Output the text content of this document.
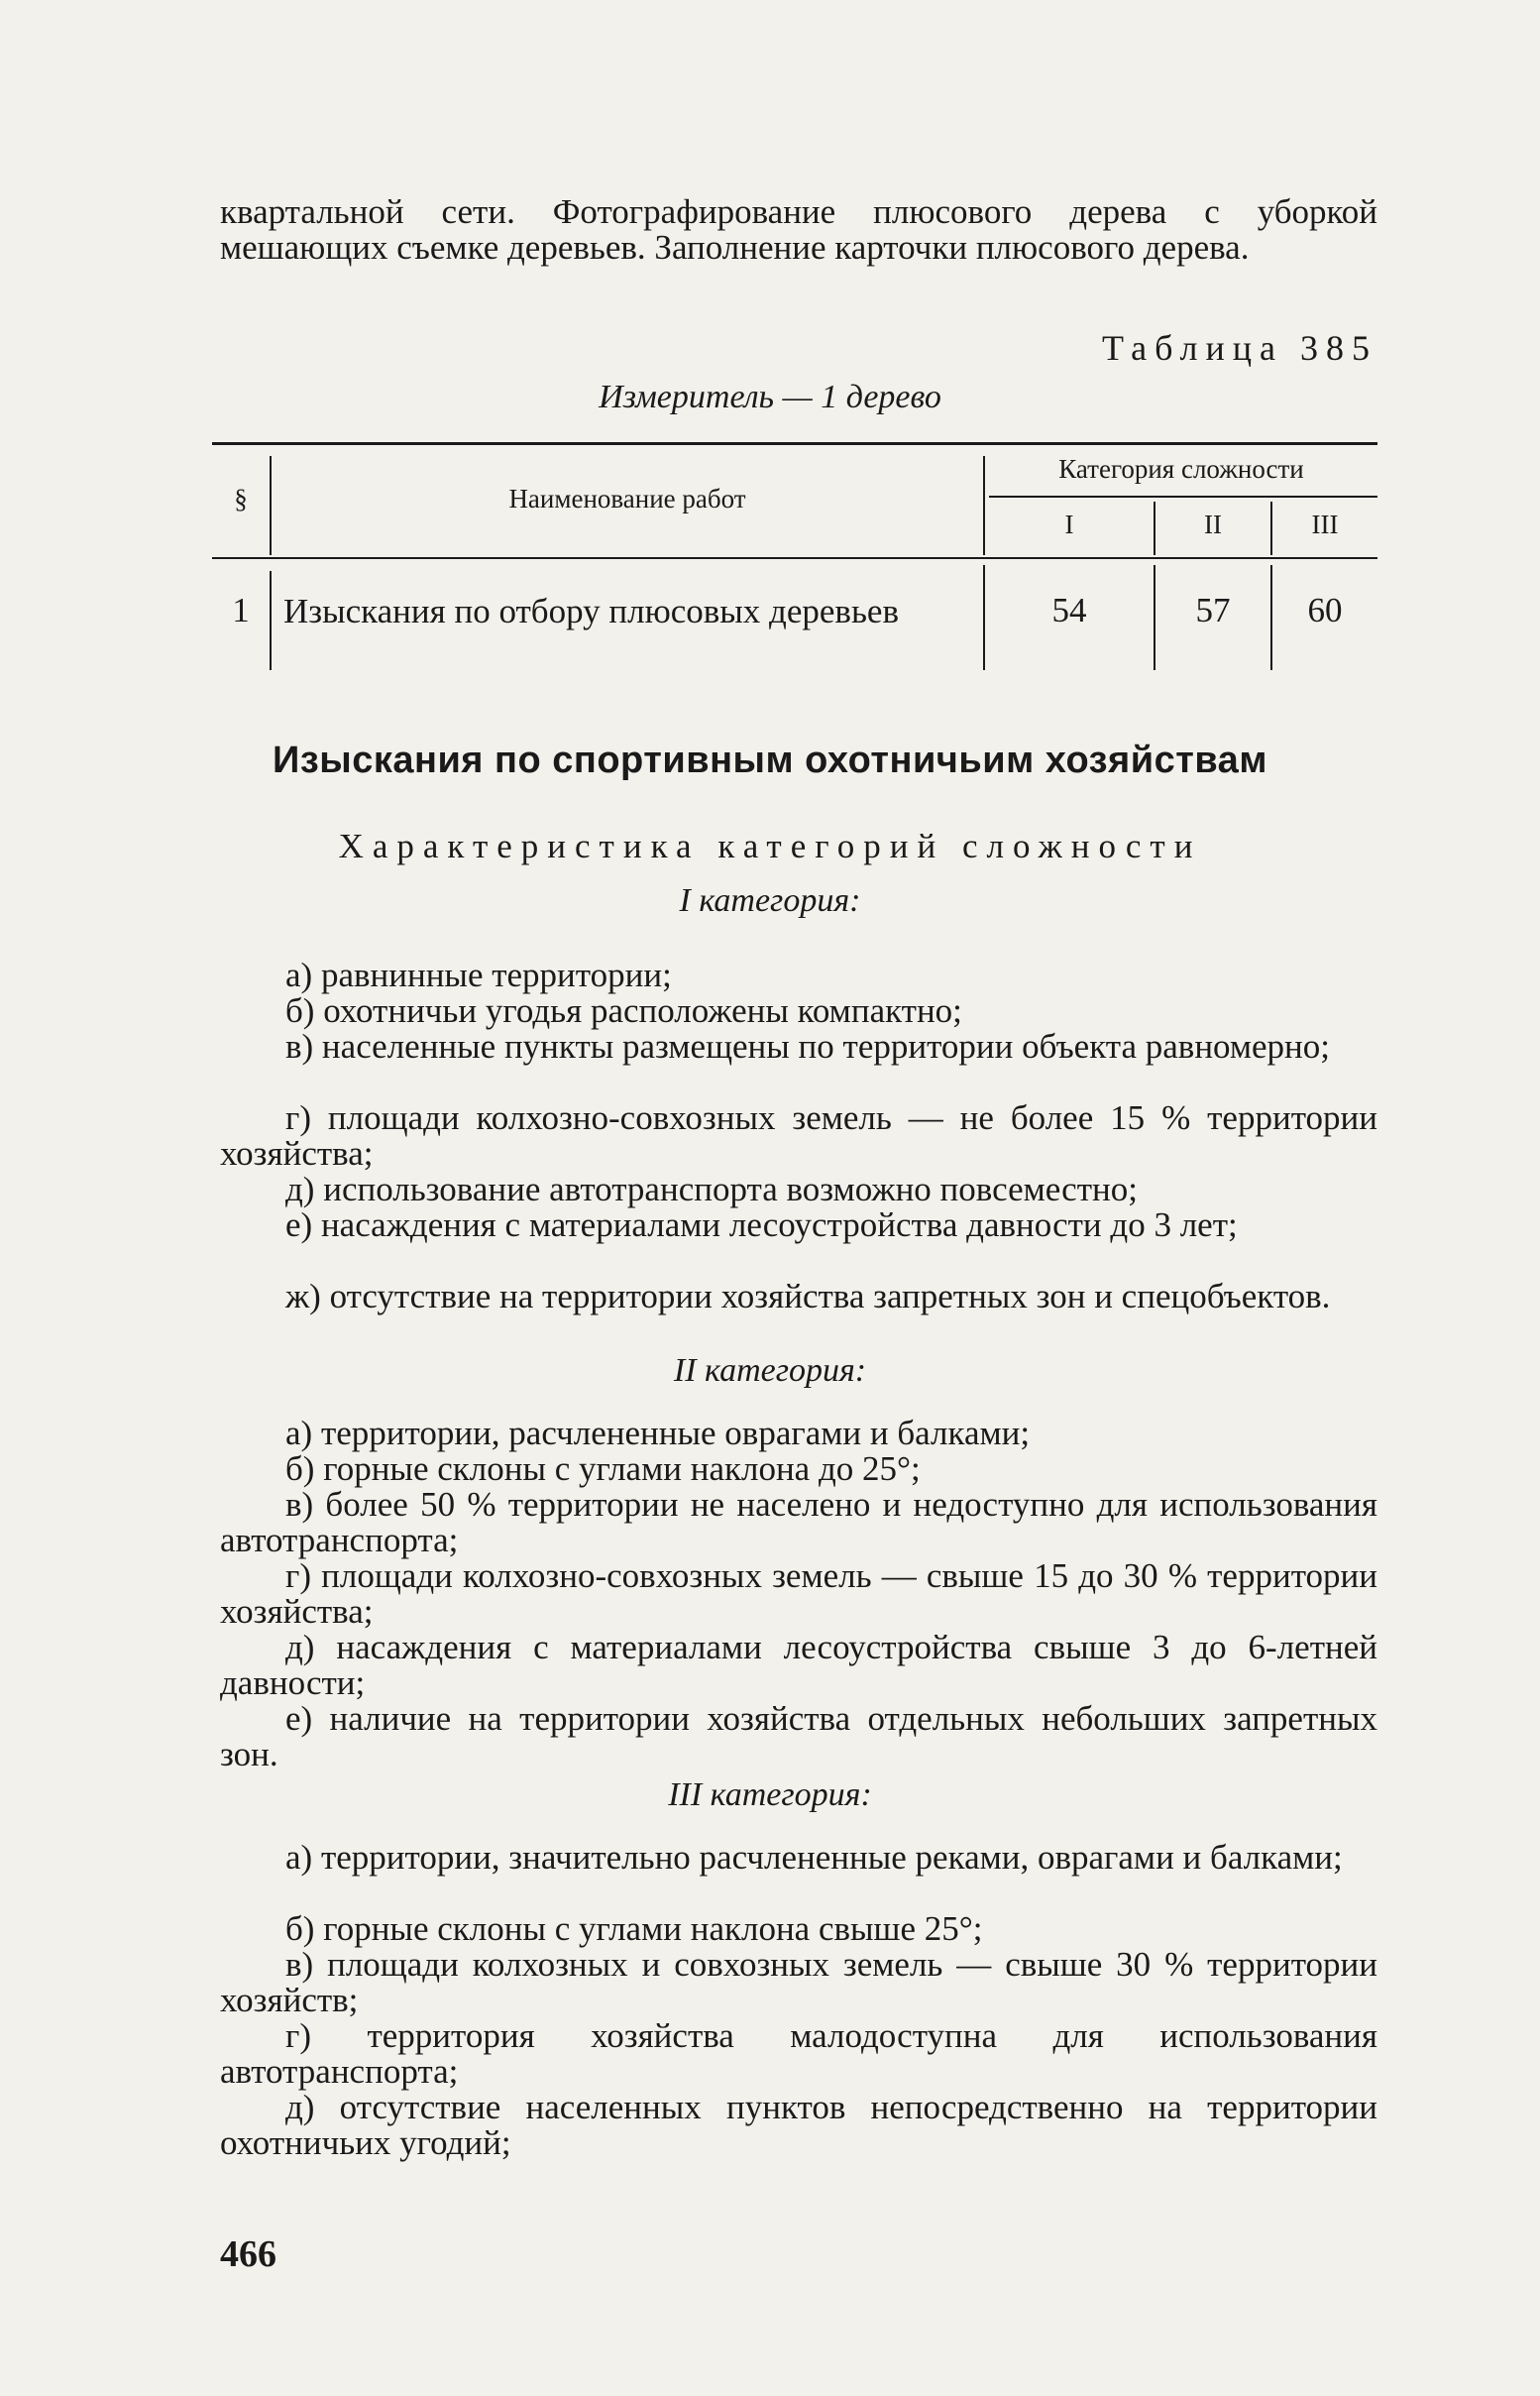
квартальной сети. Фотографирование плюсового дерева с уборкой мешающих съемке деревьев. Заполнение карточки плюсового дерева.
Таблица 385
Измеритель — 1 дерево
§	Наименование работ
Категория сложности
I	II	III
1 Изыскания по отбору плюсовых деревьев	54	57	60
Изыскания по спортивным охотничьим хозяйствам
Характеристика категорий сложности
I категория:
а) равнинные территории;
б) охотничьи угодья расположены компактно;
в) населенные пункты размещены по территории объекта равномерно;
г) площади колхозно-совхозных земель — не более 15 % территории хозяйства;
д) использование автотранспорта возможно повсеместно;
е) насаждения с материалами лесоустройства давности до 3 лет;
ж) отсутствие на территории хозяйства запретных зон и спецобъектов.
II категория:
а) территории, расчлененные оврагами и балками;
б) горные склоны с углами наклона до 25°;
в) более 50 % территории не населено и недоступно для использования автотранспорта;
г) площади колхозно-совхозных земель — свыше 15 до 30 % территории хозяйства;
д) насаждения с материалами лесоустройства свыше 3 до 6-летней давности;
е) наличие на территории хозяйства отдельных небольших запретных зон.
III категория:
а) территории, значительно расчлененные реками, оврагами и балками;
б) горные склоны с углами наклона свыше 25°;
в) площади колхозных и совхозных земель — свыше 30 % территории хозяйств;
г) территория хозяйства малодоступна для использования автотранспорта;
д) отсутствие населенных пунктов непосредственно на территории охотничьих угодий;
466
